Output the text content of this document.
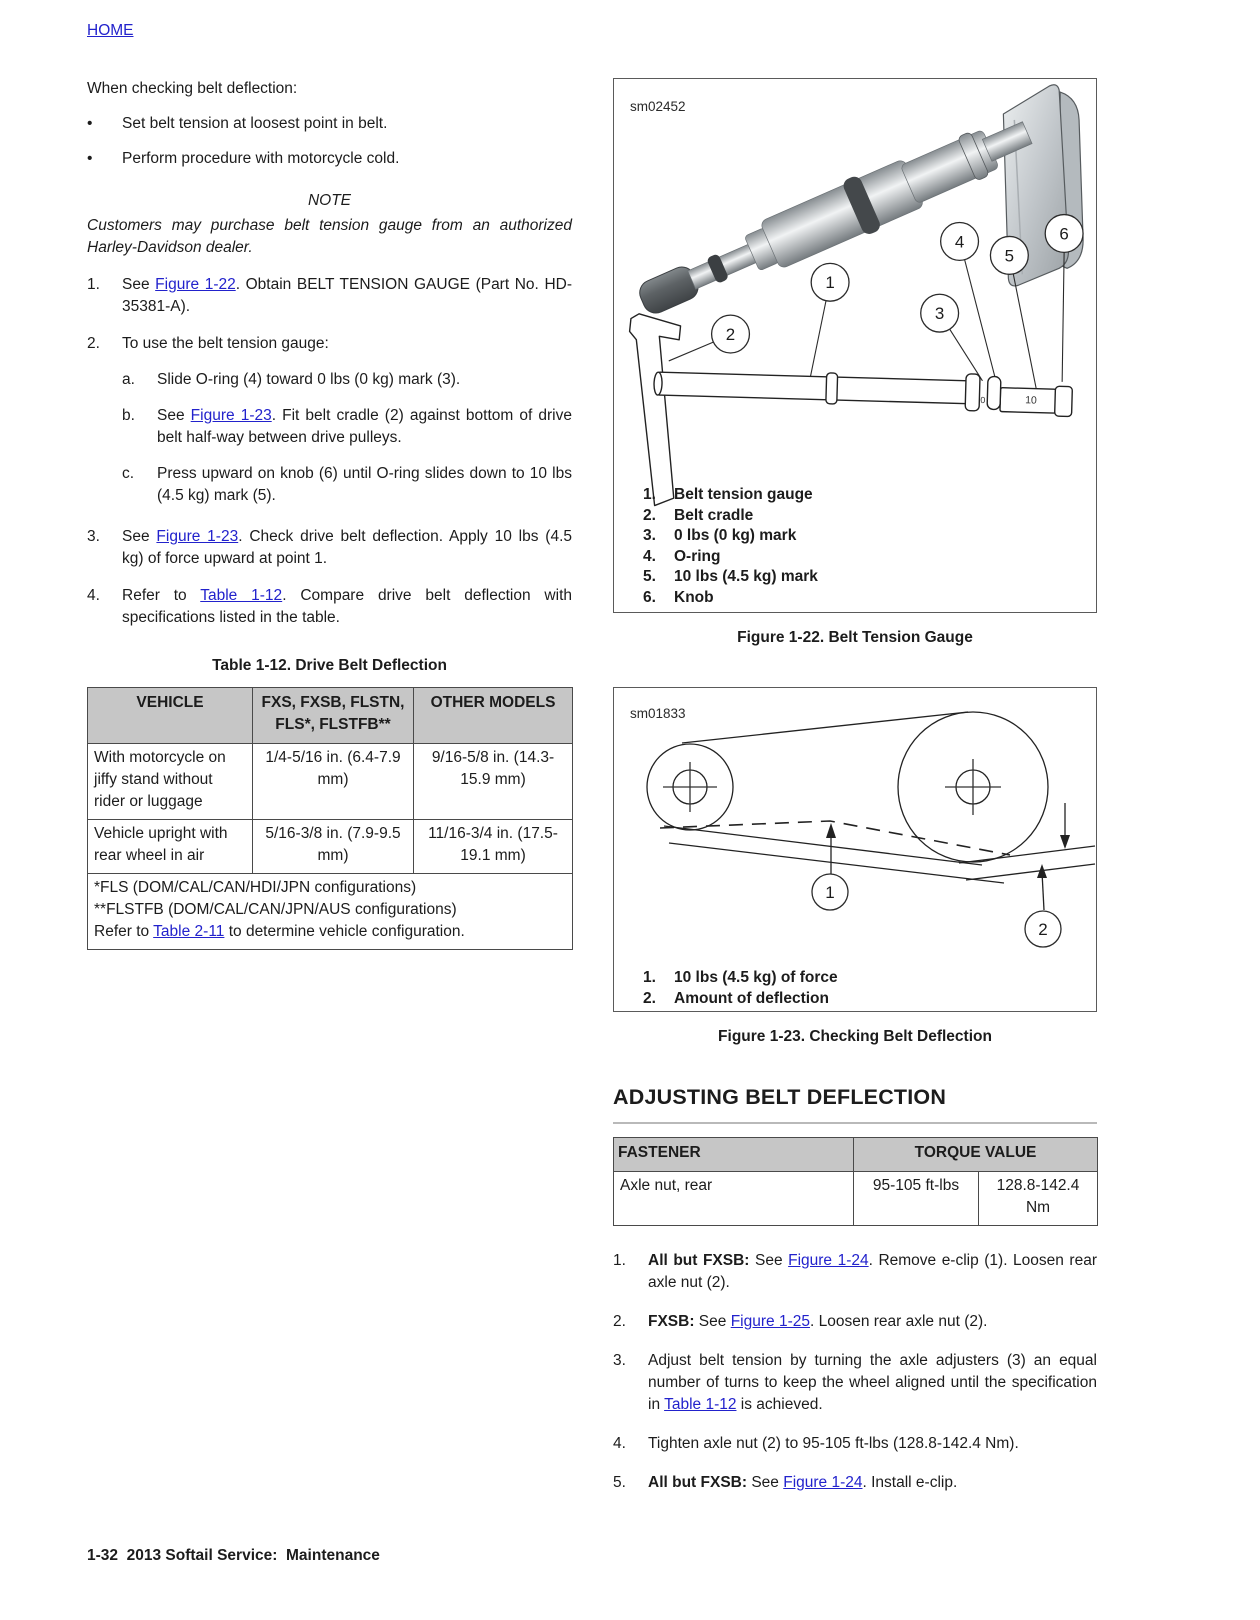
HOME

When checking belt deflection:

•	Set belt tension at loosest point in belt.
•	Perform procedure with motorcycle cold.

NOTE

Customers may purchase belt tension gauge from an authorized Harley-Davidson dealer.

1.	See Figure 1-22. Obtain BELT TENSION GAUGE (Part No. HD-35381-A).
2.	To use the belt tension gauge:
a.	Slide O-ring (4) toward 0 lbs (0 kg) mark (3).
b.	See Figure 1-23. Fit belt cradle (2) against bottom of drive belt half-way between drive pulleys.
c.	Press upward on knob (6) until O-ring slides down to 10 lbs (4.5 kg) mark (5).
3.	See Figure 1-23. Check drive belt deflection. Apply 10 lbs (4.5 kg) of force upward at point 1.
4.	Refer to Table 1-12. Compare drive belt deflection with specifications listed in the table.

Table 1-12. Drive Belt Deflection

VEHICLE	FXS, FXSB, FLSTN, FLS*, FLSTFB**	OTHER MODELS
With motorcycle on jiffy stand without rider or luggage	1/4-5/16 in. (6.4-7.9 mm)	9/16-5/8 in. (14.3-15.9 mm)
Vehicle upright with rear wheel in air	5/16-3/8 in. (7.9-9.5 mm)	11/16-3/4 in. (17.5-19.1 mm)

*FLS (DOM/CAL/CAN/HDI/JPN configurations)
**FLSTFB (DOM/CAL/CAN/JPN/AUS configurations)
Refer to Table 2-11 to determine vehicle configuration.		
sm02452
0	10
1
2
3
4
5
6
1.	Belt tension gauge
2.	Belt cradle
3.	0 lbs (0 kg) mark
4.	O-ring
5.	10 lbs (4.5 kg) mark
6.	Knob

Figure 1-22. Belt Tension Gauge

sm01833
1
2
1.	10 lbs (4.5 kg) of force
2.	Amount of deflection

Figure 1-23. Checking Belt Deflection

ADJUSTING BELT DEFLECTION
FASTENER	TORQUE VALUE	
Axle nut, rear	95-105 ft-lbs	128.8-142.4 Nm
1.	All but FXSB: See Figure 1-24. Remove e-clip (1). Loosen rear axle nut (2).
2.	FXSB: See Figure 1-25. Loosen rear axle nut (2).
3.	Adjust belt tension by turning the axle adjusters (3) an equal number of turns to keep the wheel aligned until the specification in Table 1-12 is achieved.
4.	Tighten axle nut (2) to 95-105 ft-lbs (128.8-142.4 Nm).
5.	All but FXSB: See Figure 1-24. Install e-clip.
1-32  2013 Softail Service:  Maintenance
